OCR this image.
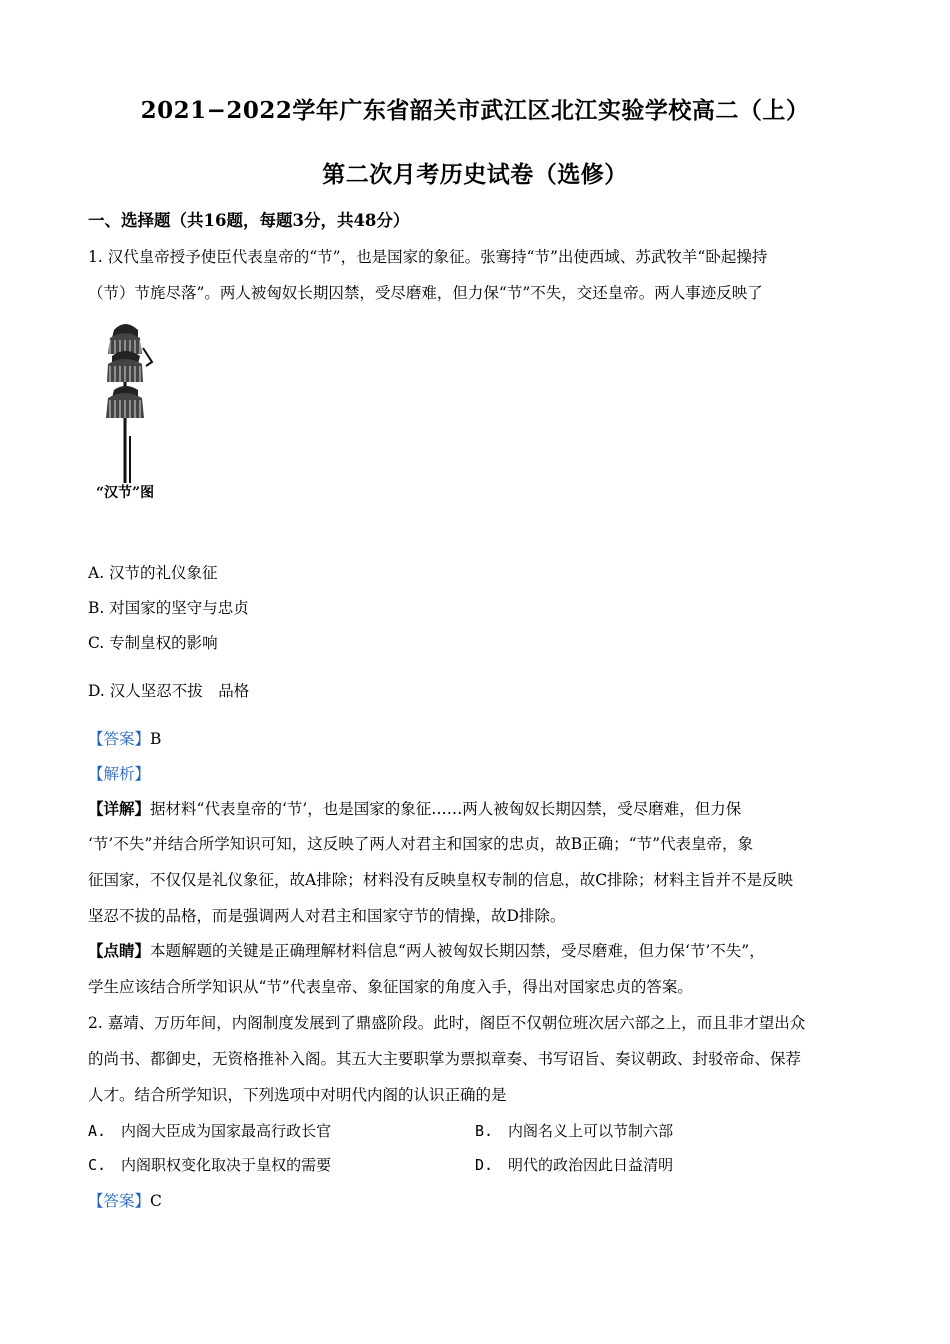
2021−2022学年广东省韶关市武江区北江实验学校高二（上）
第二次月考历史试卷（选修）
一、选择题（共16题，每题3分，共48分）
1. 汉代皇帝授予使臣代表皇帝的“节”，也是国家的象征。张骞持“节”出使西域、苏武牧羊“卧起操持
（节）节旄尽落”。两人被匈奴长期囚禁，受尽磨难，但力保“节”不失，交还皇帝。两人事迹反映了
“汉节”图
A. 汉节的礼仪象征
B. 对国家的坚守与忠贞
C. 专制皇权的影响
D. 汉人坚忍不拔　品格
【答案】B
【解析】
【详解】据材料“代表皇帝的‘节’，也是国家的象征……两人被匈奴长期囚禁，受尽磨难，但力保
‘节’不失”并结合所学知识可知，这反映了两人对君主和国家的忠贞，故B正确；“节”代表皇帝，象
征国家，不仅仅是礼仪象征，故A排除；材料没有反映皇权专制的信息，故C排除；材料主旨并不是反映
坚忍不拔的品格，而是强调两人对君主和国家守节的情操，故D排除。
【点睛】本题解题的关键是正确理解材料信息“两人被匈奴长期囚禁，受尽磨难，但力保‘节’不失”，
学生应该结合所学知识从“节”代表皇帝、象征国家的角度入手，得出对国家忠贞的答案。
2. 嘉靖、万历年间，内阁制度发展到了鼎盛阶段。此时，阁臣不仅朝位班次居六部之上，而且非才望出众
的尚书、都御史，无资格推补入阁。其五大主要职掌为票拟章奏、书写诏旨、奏议朝政、封驳帝命、保荐
人才。结合所学知识，下列选项中对明代内阁的认识正确的是
A.　内阁大臣成为国家最高行政长官	B.　内阁名义上可以节制六部
C.　内阁职权变化取决于皇权的需要	D.　明代的政治因此日益清明
【答案】C
